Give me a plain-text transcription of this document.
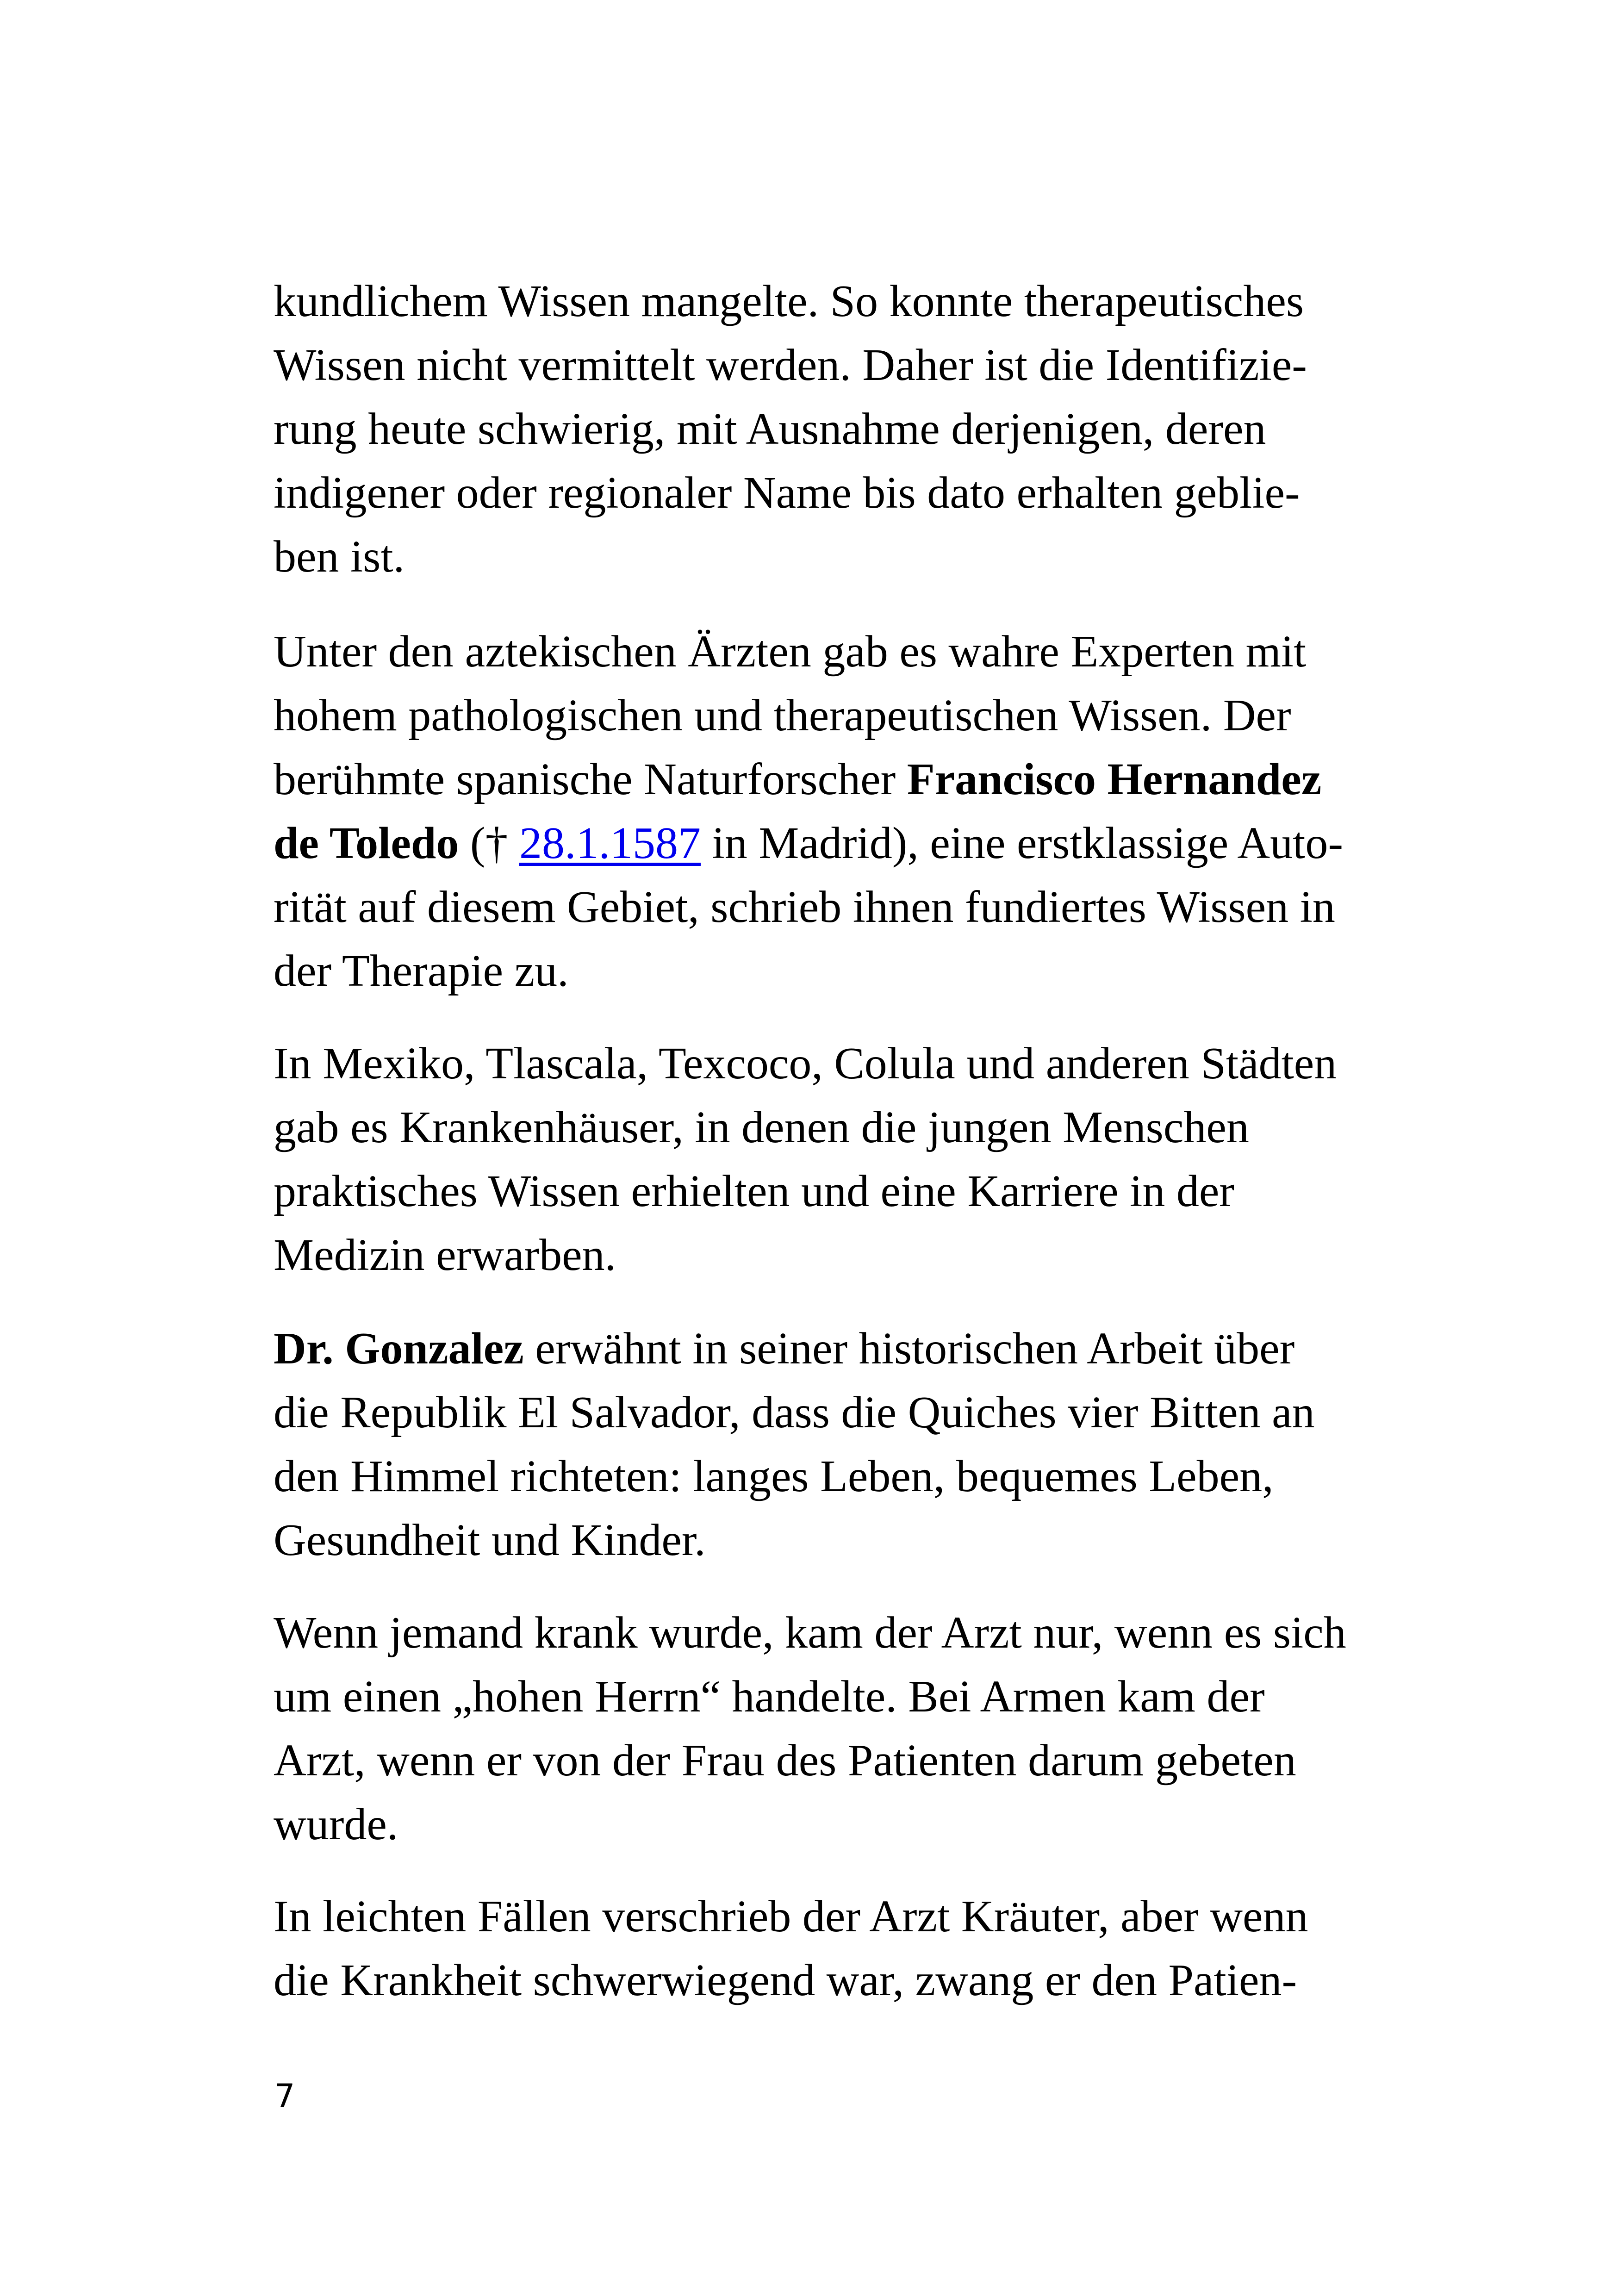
kundlichem Wissen mangelte. So konnte therapeutisches
Wissen nicht vermittelt werden. Daher ist die Identifizie-
rung heute schwierig, mit Ausnahme derjenigen, deren
indigener oder regionaler Name bis dato erhalten geblie-
ben ist.
Unter den aztekischen Ärzten gab es wahre Experten mit
hohem pathologischen und therapeutischen Wissen. Der
berühmte spanische Naturforscher Francisco Hernandez
de Toledo († 28.1.1587 in Madrid), eine erstklassige Auto-
rität auf diesem Gebiet, schrieb ihnen fundiertes Wissen in
der Therapie zu.
In Mexiko, Tlascala, Texcoco, Colula und anderen Städten
gab es Krankenhäuser, in denen die jungen Menschen
praktisches Wissen erhielten und eine Karriere in der
Medizin erwarben.
Dr. Gonzalez erwähnt in seiner historischen Arbeit über
die Republik El Salvador, dass die Quiches vier Bitten an
den Himmel richteten: langes Leben, bequemes Leben,
Gesundheit und Kinder.
Wenn jemand krank wurde, kam der Arzt nur, wenn es sich
um einen „hohen Herrn“ handelte. Bei Armen kam der
Arzt, wenn er von der Frau des Patienten darum gebeten
wurde.
In leichten Fällen verschrieb der Arzt Kräuter, aber wenn
die Krankheit schwerwiegend war, zwang er den Patien-
7
